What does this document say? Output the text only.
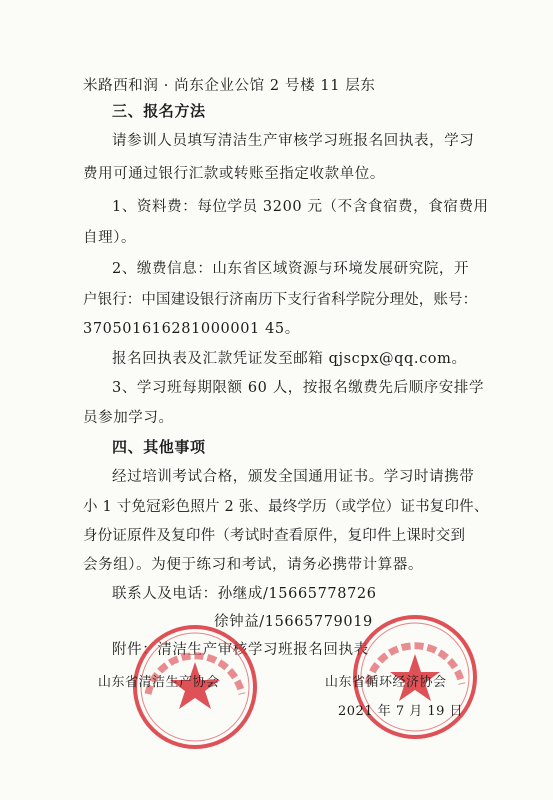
米路西和润 · 尚东企业公馆 2 号楼 11 层东
三、报名方法
请参训人员填写清洁生产审核学习班报名回执表，学习
费用可通过银行汇款或转账至指定收款单位。
1、资料费：每位学员 3200 元（不含食宿费，食宿费用
自理）。
2、缴费信息：山东省区域资源与环境发展研究院，开
户银行：中国建设银行济南历下支行省科学院分理处，账号：
370501616281000001 45。
报名回执表及汇款凭证发至邮箱 qjscpx@qq.com。
3、学习班每期限额 60 人，按报名缴费先后顺序安排学
员参加学习。
四、其他事项
经过培训考试合格，颁发全国通用证书。学习时请携带
小 1 寸免冠彩色照片 2 张、最终学历（或学位）证书复印件、
身份证原件及复印件（考试时查看原件，复印件上课时交到
会务组）。为便于练习和考试，请务必携带计算器。
联系人及电话：孙继成/15665778726
徐钟益/15665779019
附件：清洁生产审核学习班报名回执表
山东省清洁生产协会	山东省循环经济协会
2021 年 7 月 19 日
